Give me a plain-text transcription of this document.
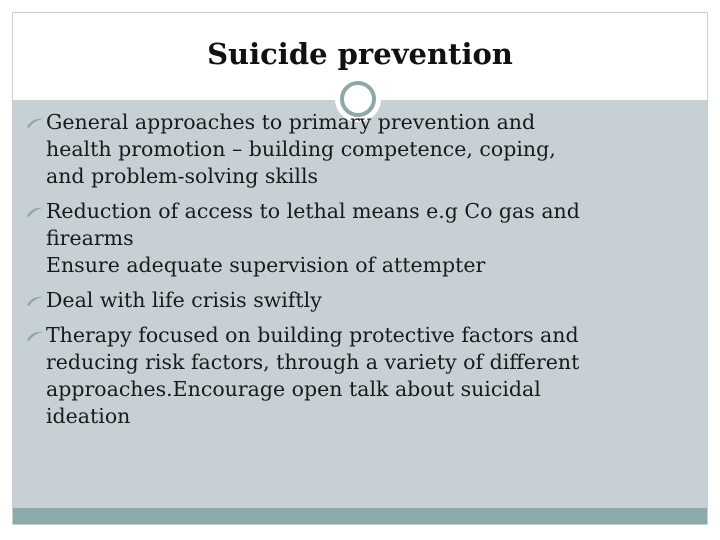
Suicide prevention
General approaches to primary prevention and
health promotion – building competence, coping,
and problem-solving skills
Reduction of access to lethal means e.g Co gas and
firearms
Ensure adequate supervision of attempter
Deal with life crisis swiftly
Therapy focused on building protective factors and
reducing risk factors, through a variety of different
approaches.Encourage open talk about suicidal
ideation
